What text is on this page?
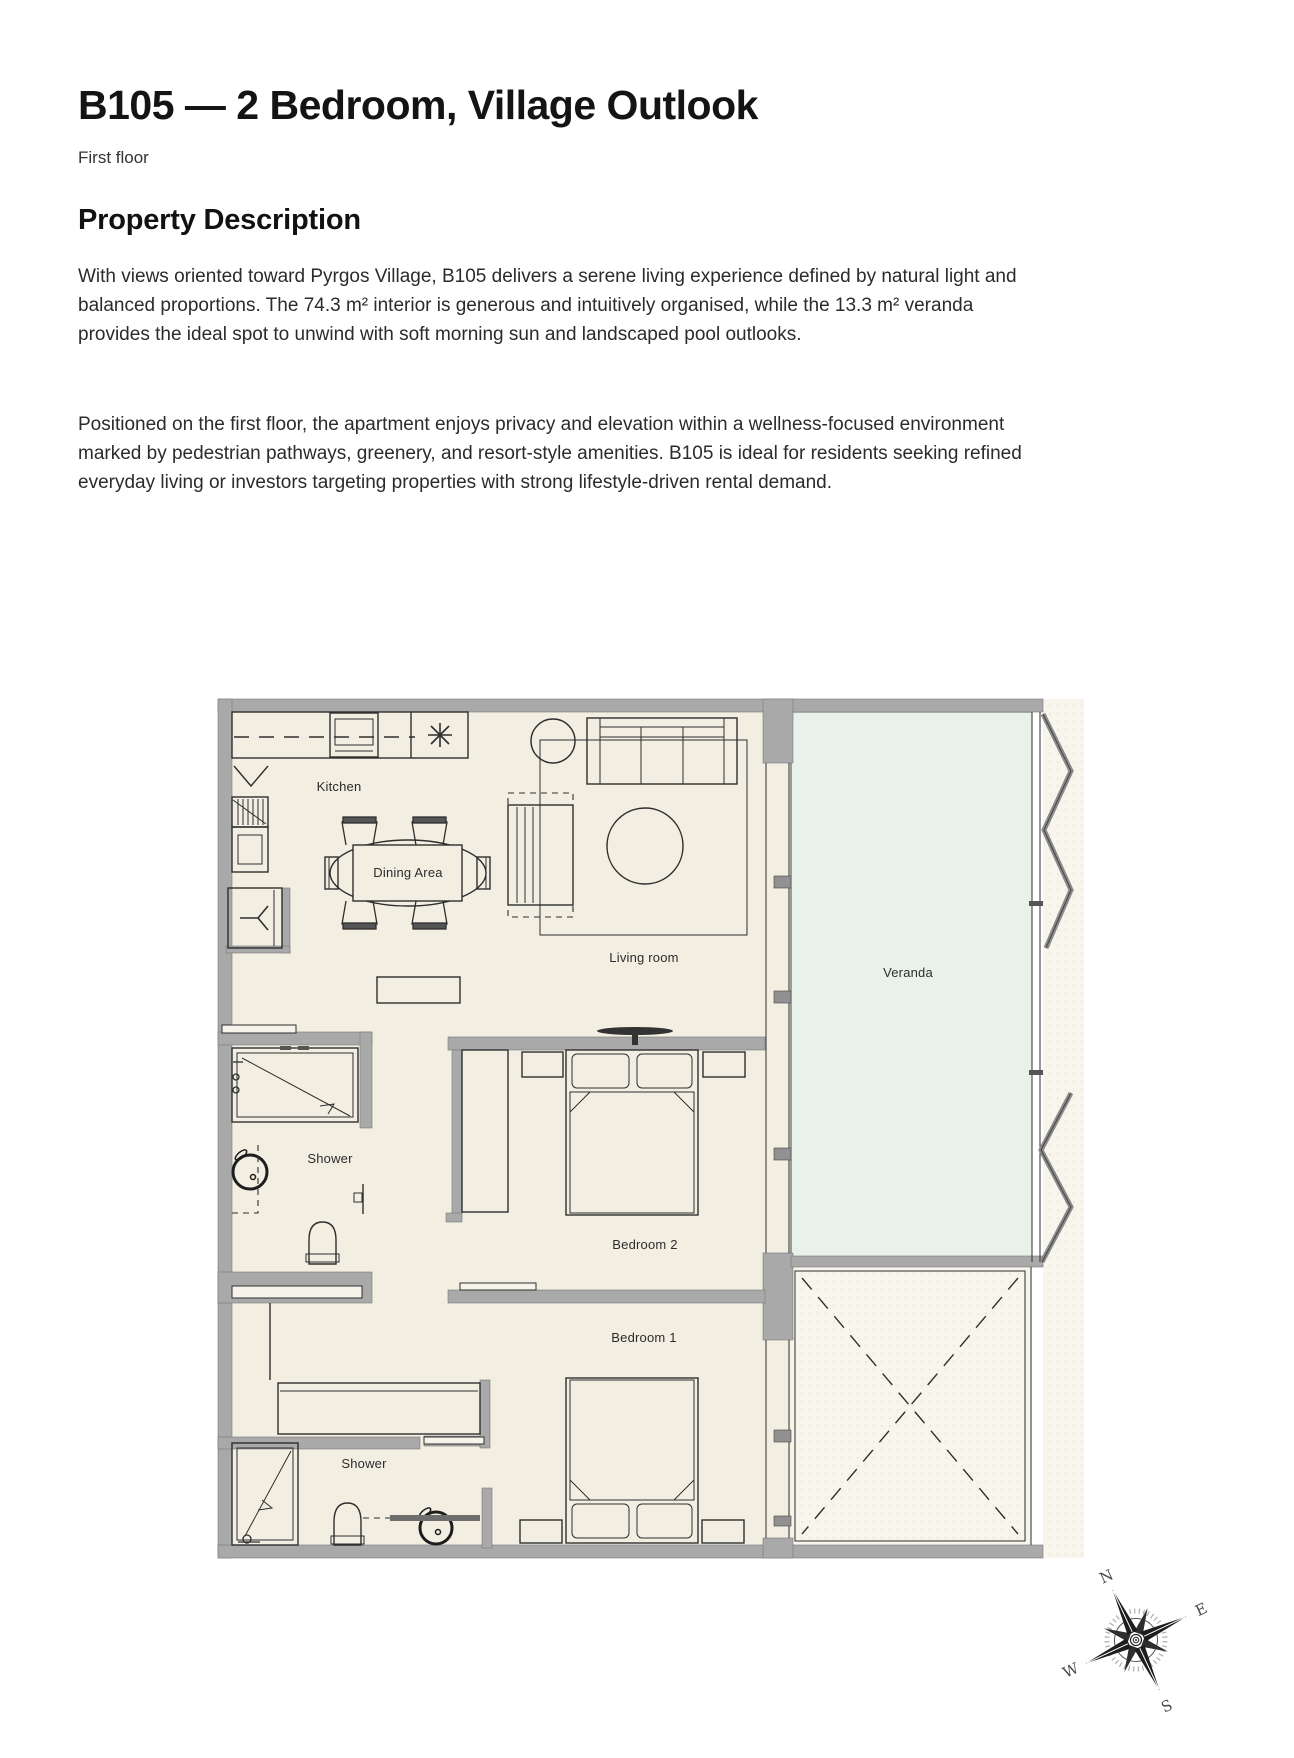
B105 — 2 Bedroom, Village Outlook
First floor
Property Description
With views oriented toward Pyrgos Village, B105 delivers a serene living experience defined by natural light and balanced proportions. The 74.3 m² interior is generous and intuitively organised, while the 13.3 m² veranda provides the ideal spot to unwind with soft morning sun and landscaped pool outlooks.
Positioned on the first floor, the apartment enjoys privacy and elevation within a wellness-focused environment marked by pedestrian pathways, greenery, and resort-style amenities. B105 is ideal for residents seeking refined everyday living or investors targeting properties with strong lifestyle-driven rental demand.
Kitchen
Dining Area
Living room
Veranda
Shower
Bedroom 2
Bedroom 1
Shower
N
E
S
W
